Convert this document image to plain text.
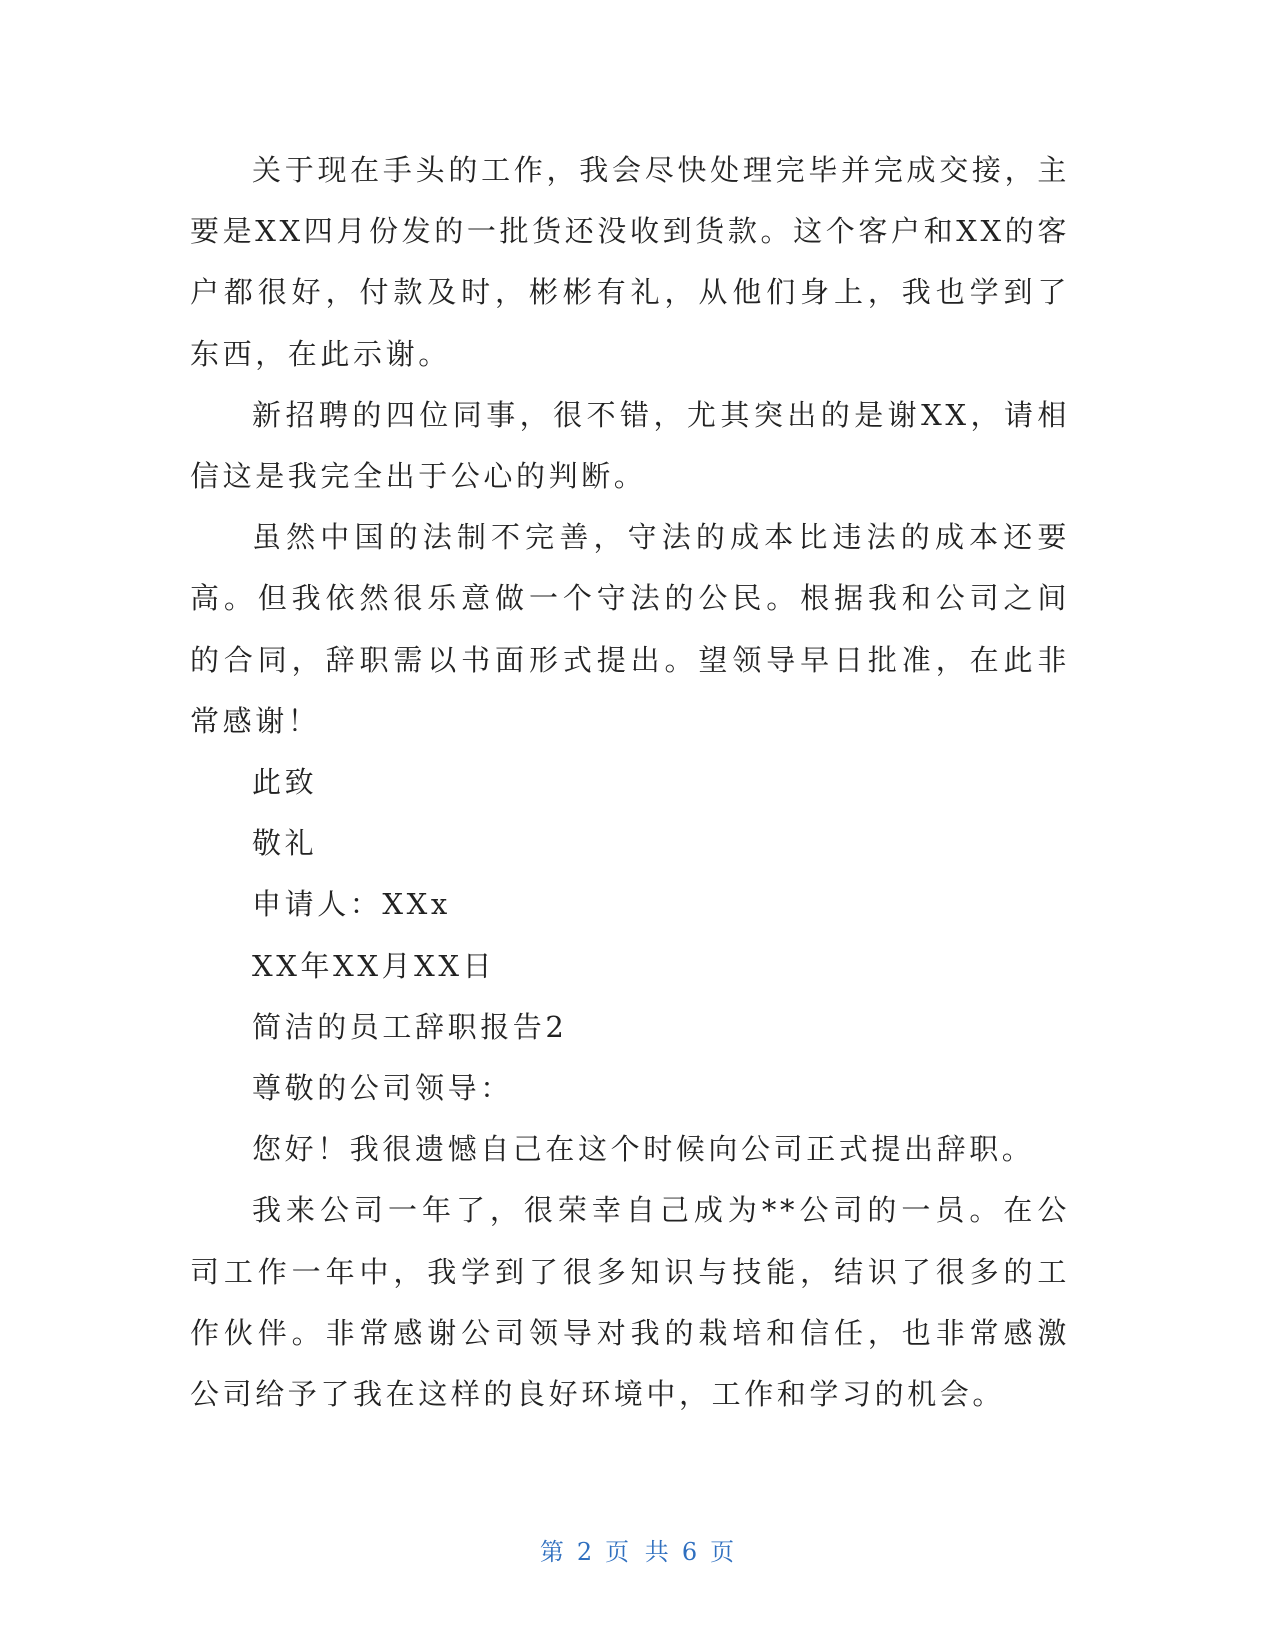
关于现在手头的工作，我会尽快处理完毕并完成交接，主要是XX四月份发的一批货还没收到货款。这个客户和XX的客户都很好，付款及时，彬彬有礼，从他们身上，我也学到了东西，在此示谢。

新招聘的四位同事，很不错，尤其突出的是谢XX，请相信这是我完全出于公心的判断。

虽然中国的法制不完善，守法的成本比违法的成本还要高。但我依然很乐意做一个守法的公民。根据我和公司之间的合同，辞职需以书面形式提出。望领导早日批准，在此非常感谢！

此致

敬礼

申请人：XXx

XX年XX月XX日

简洁的员工辞职报告2

尊敬的公司领导：

您好！我很遗憾自己在这个时候向公司正式提出辞职。

我来公司一年了，很荣幸自己成为**公司的一员。在公司工作一年中，我学到了很多知识与技能，结识了很多的工作伙伴。非常感谢公司领导对我的栽培和信任，也非常感激公司给予了我在这样的良好环境中，工作和学习的机会。

第 2 页 共 6 页
